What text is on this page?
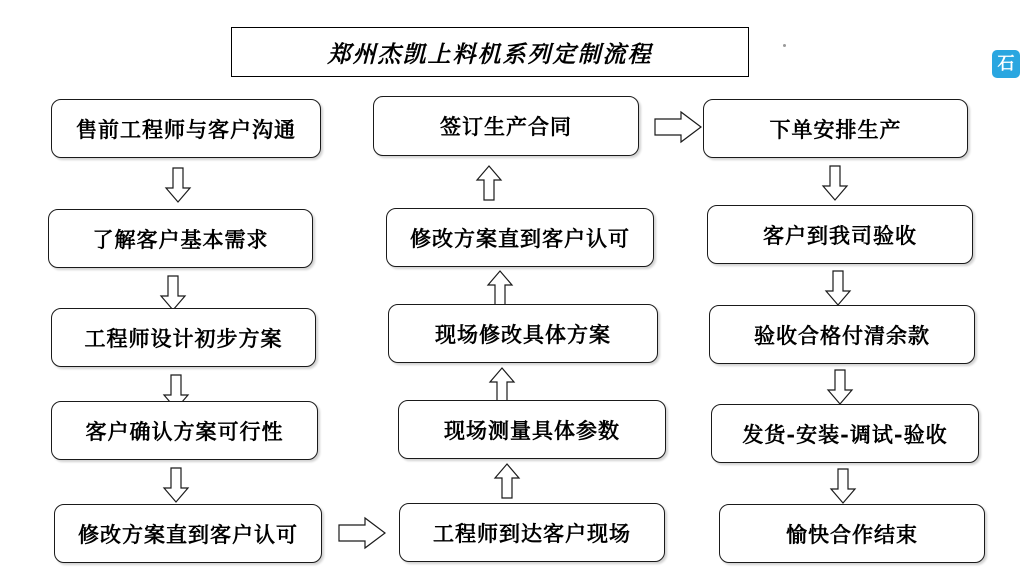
郑州杰凯上料机系列定制流程	石
售前工程师与客户沟通
了解客户基本需求
工程师设计初步方案
客户确认方案可行性
修改方案直到客户认可
签订生产合同
修改方案直到客户认可
现场修改具体方案
现场测量具体参数
工程师到达客户现场
下单安排生产
客户到我司验收
验收合格付清余款
发货-安装-调试-验收
愉快合作结束
